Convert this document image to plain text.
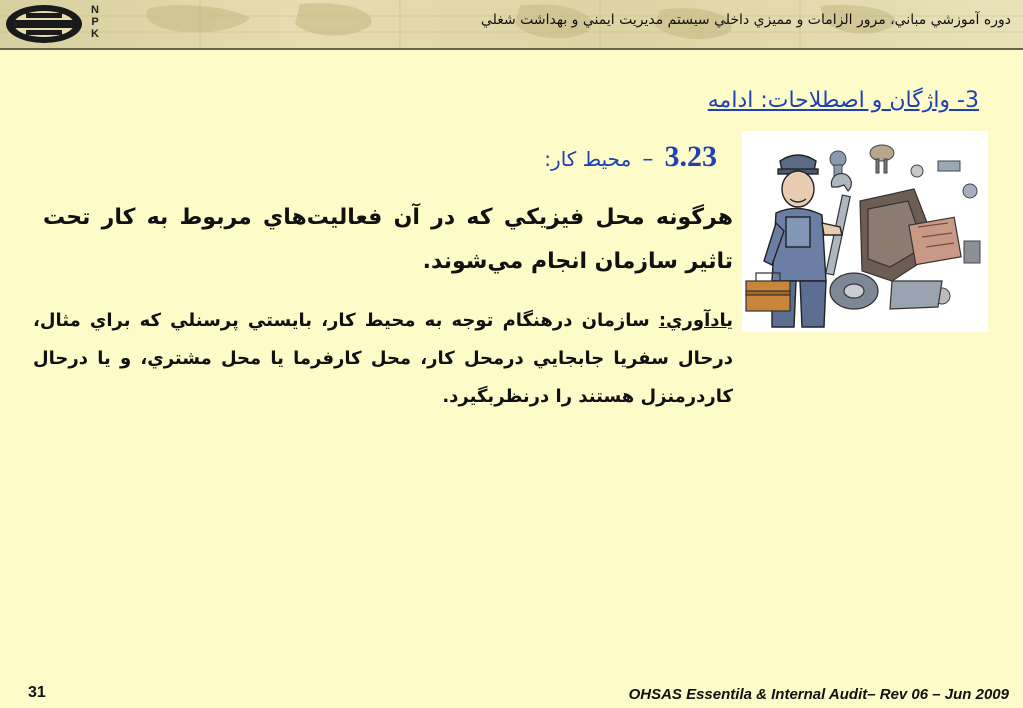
N
P
K
دوره آموزشي مباني، مرور الزامات و مميزي داخلي سيستم مديريت ايمني و بهداشت شغلي
3- واژگان و اصطلاحات: ادامه
3.23 – محيط كار:
هرگونه محل فيزيكي كه در آن فعاليت‌هاي مربوط به كار تحت تاثير سازمان انجام مي‌شوند.
يادآوري: سازمان درهنگام توجه به محيط كار، بايستي پرسنلي كه براي مثال، درحال سفريا جابجايي درمحل كار، محل كارفرما يا محل مشتري، و يا درحال كاردرمنزل هستند را درنظربگيرد.
31	OHSAS Essentila & Internal Audit– Rev 06 – Jun 2009
